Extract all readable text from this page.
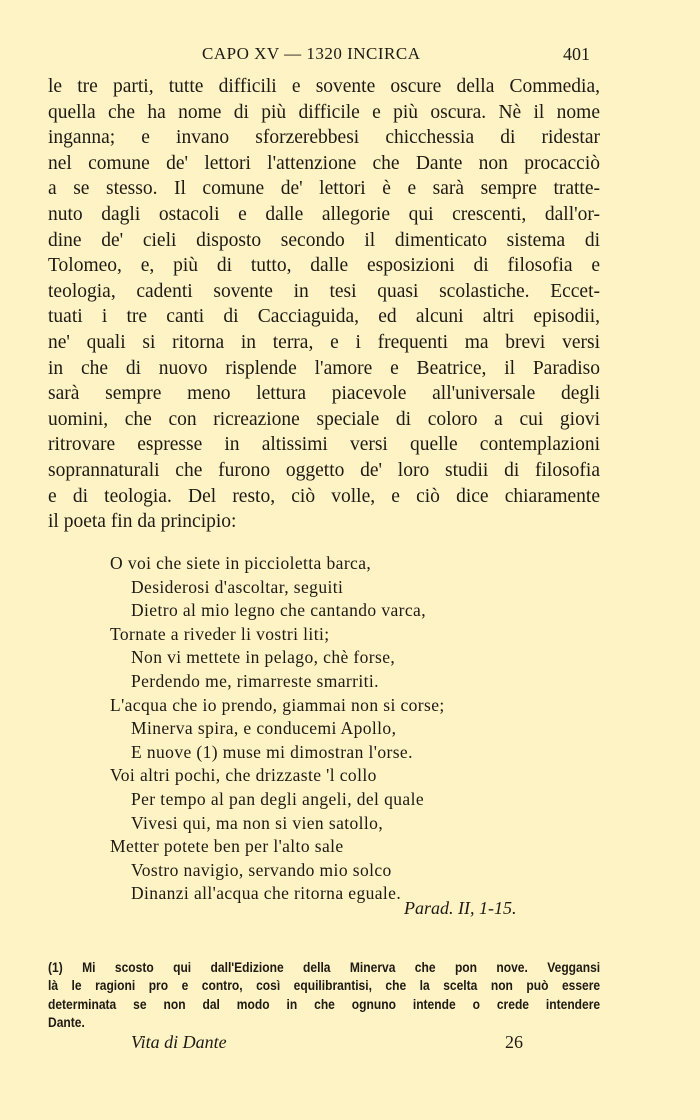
CAPO XV — 1320 INCIRCA	401
le tre parti, tutte difficili e sovente oscure della Commedia,
quella che ha nome di più difficile e più oscura. Nè il nome
inganna; e invano sforzerebbesi chicchessia di ridestar
nel comune de' lettori l'attenzione che Dante non procacciò
a se stesso. Il comune de' lettori è e sarà sempre tratte-
nuto dagli ostacoli e dalle allegorie qui crescenti, dall'or-
dine de' cieli disposto secondo il dimenticato sistema di
Tolomeo, e, più di tutto, dalle esposizioni di filosofia e
teologia, cadenti sovente in tesi quasi scolastiche. Eccet-
tuati i tre canti di Cacciaguida, ed alcuni altri episodii,
ne' quali si ritorna in terra, e i frequenti ma brevi versi
in che di nuovo risplende l'amore e Beatrice, il Paradiso
sarà sempre meno lettura piacevole all'universale degli
uomini, che con ricreazione speciale di coloro a cui giovi
ritrovare espresse in altissimi versi quelle contemplazioni
soprannaturali che furono oggetto de' loro studii di filosofia
e di teologia. Del resto, ciò volle, e ciò dice chiaramente
il poeta fin da principio:
O voi che siete in piccioletta barca,
Desiderosi d'ascoltar, seguiti
Dietro al mio legno che cantando varca,
Tornate a riveder li vostri liti;
Non vi mettete in pelago, chè forse,
Perdendo me, rimarreste smarriti.
L'acqua che io prendo, giammai non si corse;
Minerva spira, e conducemi Apollo,
E nuove (1) muse mi dimostran l'orse.
Voi altri pochi, che drizzaste 'l collo
Per tempo al pan degli angeli, del quale
Vivesi qui, ma non si vien satollo,
Metter potete ben per l'alto sale
Vostro navigio, servando mio solco
Dinanzi all'acqua che ritorna eguale.
Parad. II, 1-15.
(1) Mi scosto qui dall'Edizione della Minerva che pon nove. Veggansi
là le ragioni pro e contro, così equilibrantisi, che la scelta non può essere
determinata se non dal modo in che ognuno intende o crede intendere
Dante.
Vita di Dante	26
